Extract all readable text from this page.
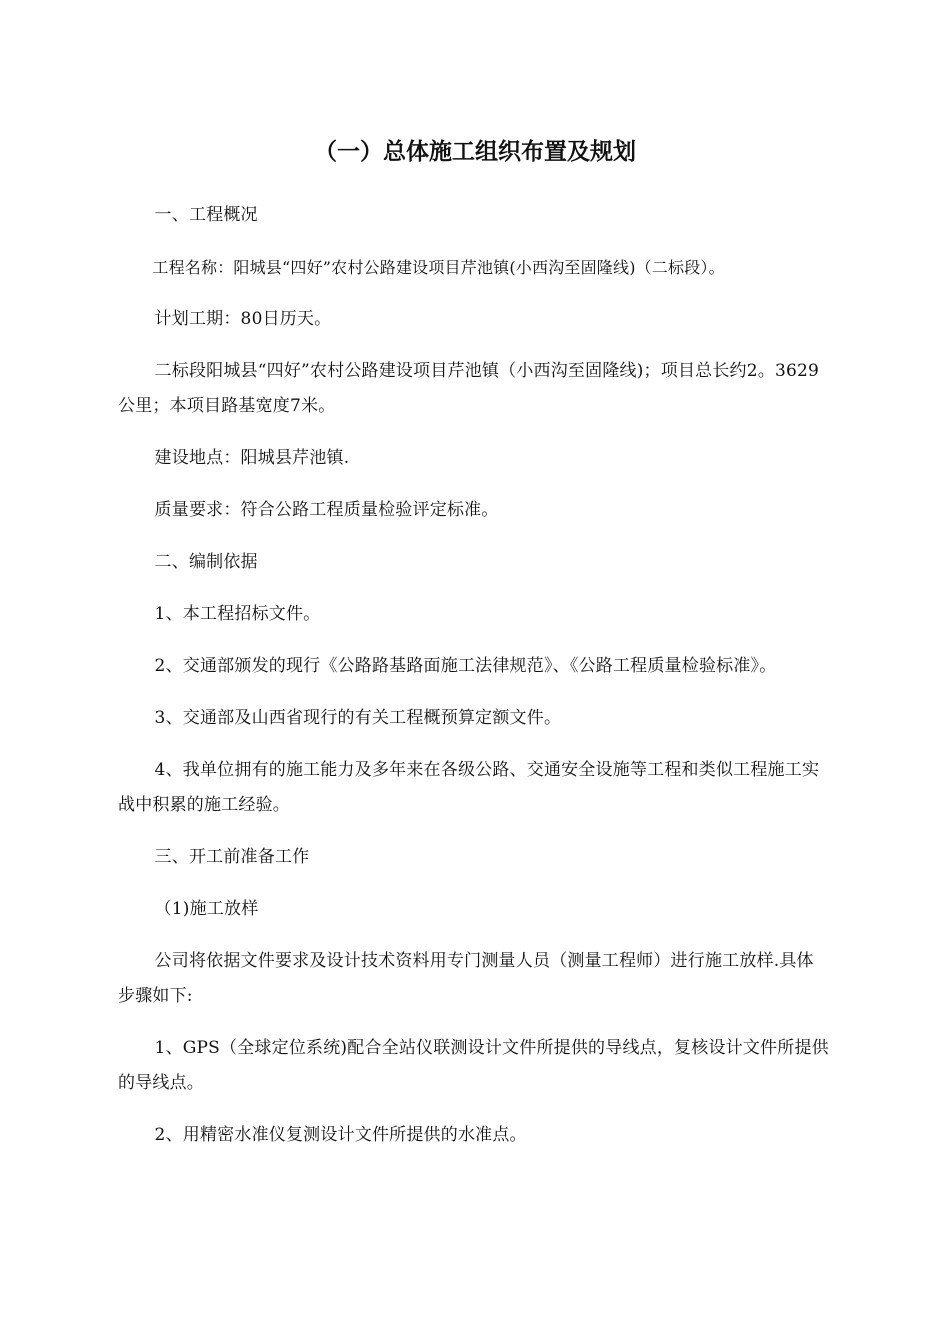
（一）总体施工组织布置及规划

一、工程概况

工程名称：阳城县“四好”农村公路建设项目芹池镇(小西沟至固隆线)（二标段）。

计划工期：80日历天。

二标段阳城县“四好”农村公路建设项目芹池镇（小西沟至固隆线)；项目总长约2。3629公里；本项目路基宽度7米。

建设地点：阳城县芹池镇.

质量要求：符合公路工程质量检验评定标准。

二、编制依据

1、本工程招标文件。

2、交通部颁发的现行《公路路基路面施工法律规范》、《公路工程质量检验标准》。

3、交通部及山西省现行的有关工程概预算定额文件。

4、我单位拥有的施工能力及多年来在各级公路、交通安全设施等工程和类似工程施工实战中积累的施工经验。

三、开工前准备工作

（1)施工放样

公司将依据文件要求及设计技术资料用专门测量人员（测量工程师）进行施工放样.具体步骤如下:

1、GPS（全球定位系统)配合全站仪联测设计文件所提供的导线点，复核设计文件所提供的导线点。

2、用精密水准仪复测设计文件所提供的水准点。
